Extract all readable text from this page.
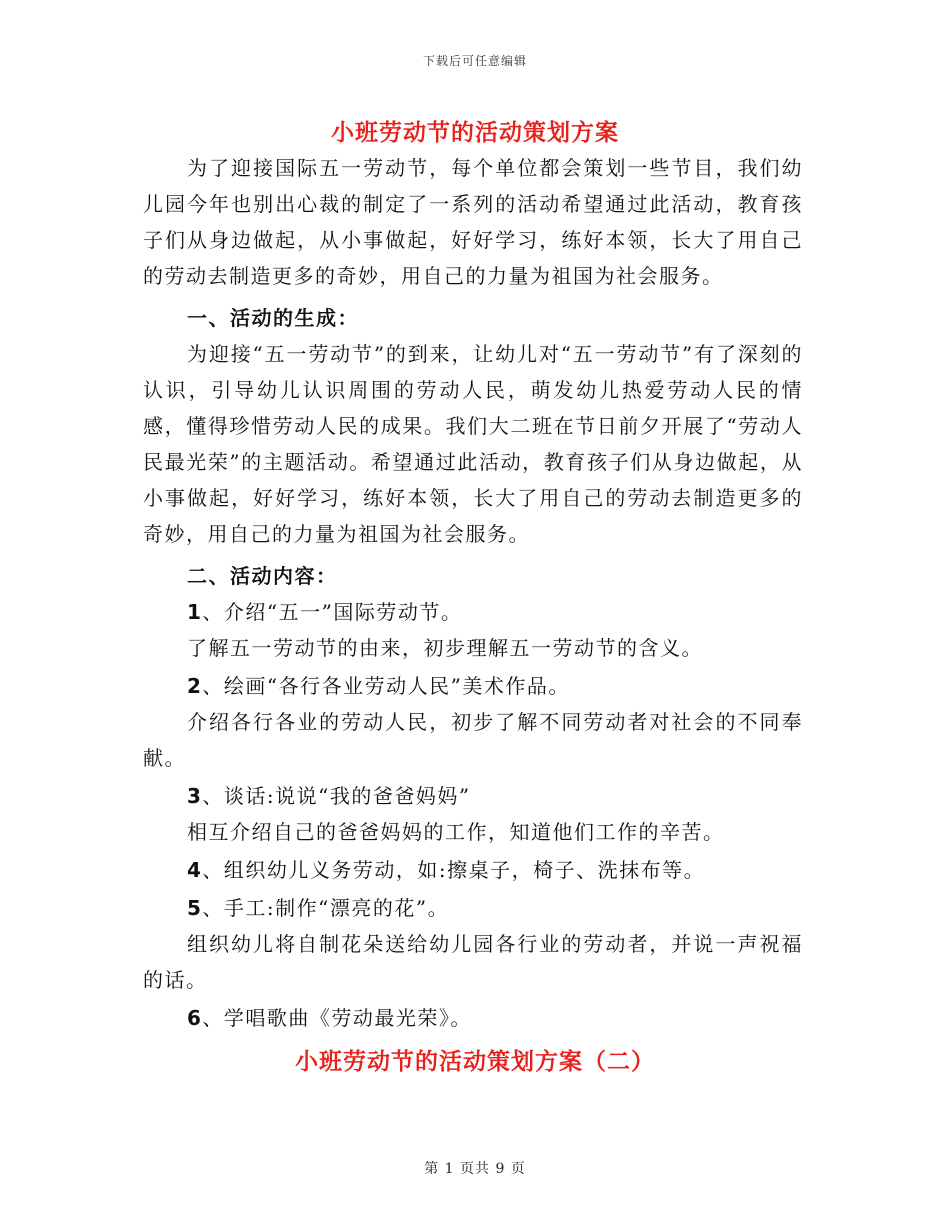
下载后可任意编辑
小班劳动节的活动策划方案

为了迎接国际五一劳动节，每个单位都会策划一些节目，我们幼儿园今年也别出心裁的制定了一系列的活动希望通过此活动，教育孩子们从身边做起，从小事做起，好好学习，练好本领，长大了用自己的劳动去制造更多的奇妙，用自己的力量为祖国为社会服务。

一、活动的生成：

为迎接“五一劳动节”的到来，让幼儿对“五一劳动节”有了深刻的认识，引导幼儿认识周围的劳动人民，萌发幼儿热爱劳动人民的情感，懂得珍惜劳动人民的成果。我们大二班在节日前夕开展了“劳动人民最光荣”的主题活动。希望通过此活动，教育孩子们从身边做起，从小事做起，好好学习，练好本领，长大了用自己的劳动去制造更多的奇妙，用自己的力量为祖国为社会服务。

二、活动内容：

1、介绍“五一”国际劳动节。

了解五一劳动节的由来，初步理解五一劳动节的含义。

2、绘画“各行各业劳动人民”美术作品。

介绍各行各业的劳动人民，初步了解不同劳动者对社会的不同奉献。

3、谈话:说说“我的爸爸妈妈”

相互介绍自己的爸爸妈妈的工作，知道他们工作的辛苦。

4、组织幼儿义务劳动，如:擦桌子，椅子、洗抹布等。

5、手工:制作“漂亮的花”。

组织幼儿将自制花朵送给幼儿园各行业的劳动者，并说一声祝福的话。

6、学唱歌曲《劳动最光荣》。

小班劳动节的活动策划方案（二）
第 1 页共 9 页
